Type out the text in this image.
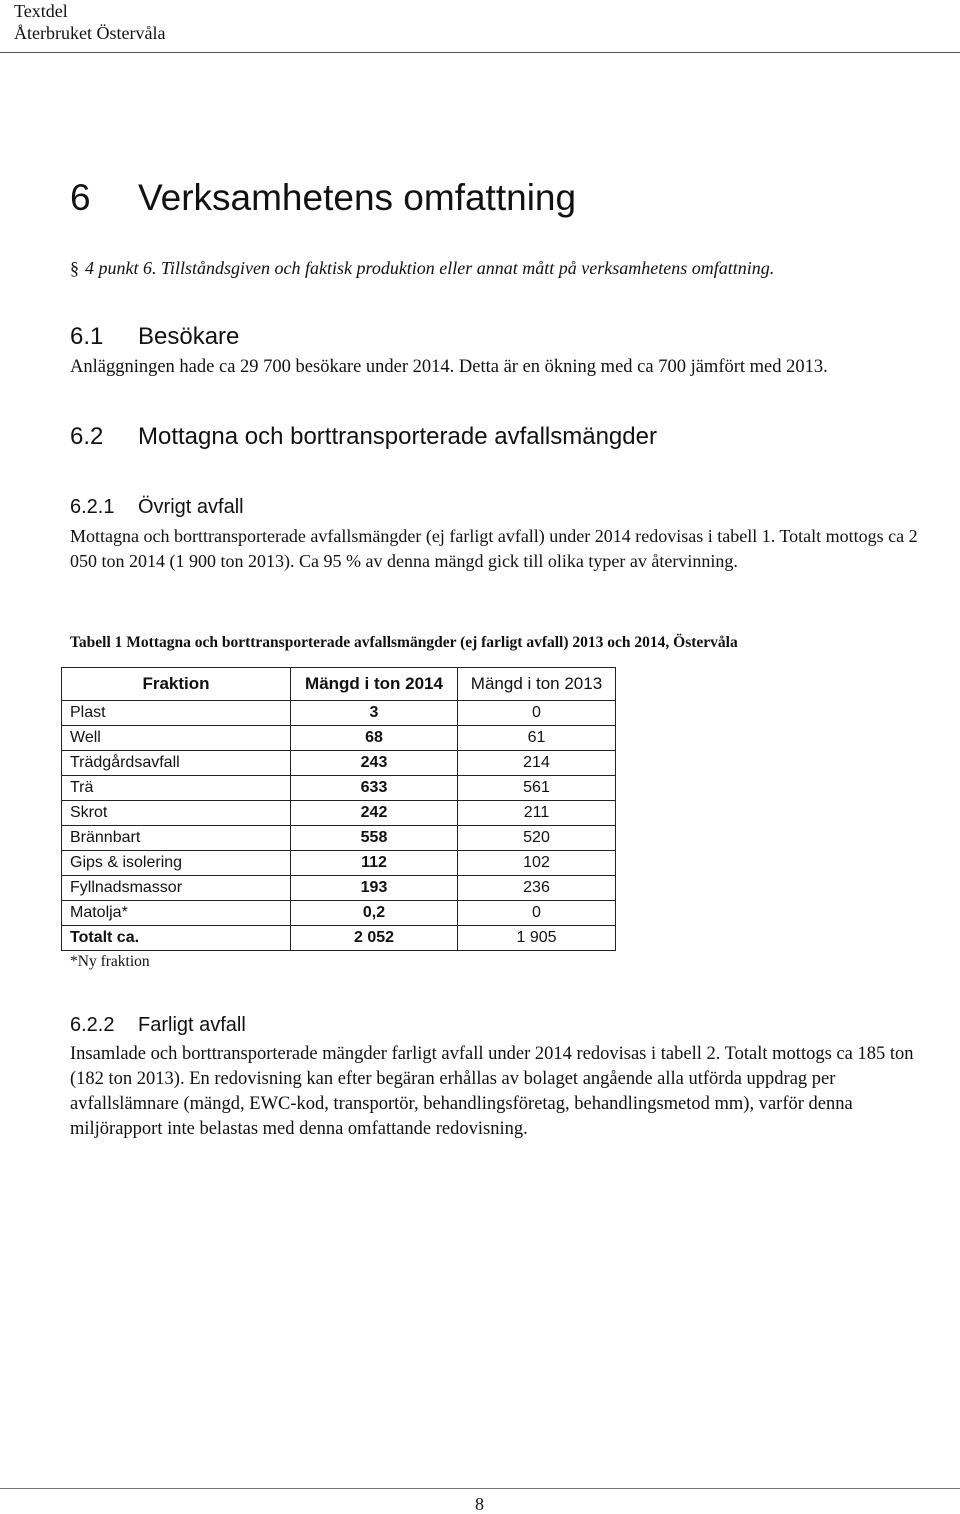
Textdel
Återbruket Östervåla
6 Verksamhetens omfattning
§ 4 punkt 6. Tillståndsgiven och faktisk produktion eller annat mått på verksamhetens omfattning.
6.1 Besökare
Anläggningen hade ca 29 700 besökare under 2014. Detta är en ökning med ca 700 jämfört med 2013.
6.2 Mottagna och borttransporterade avfallsmängder
6.2.1 Övrigt avfall
Mottagna och borttransporterade avfallsmängder (ej farligt avfall) under 2014 redovisas i tabell 1. Totalt mottogs ca 2 050 ton 2014 (1 900 ton 2013). Ca 95 % av denna mängd gick till olika typer av återvinning.
Tabell 1 Mottagna och borttransporterade avfallsmängder (ej farligt avfall) 2013 och 2014, Östervåla
Fraktion	Mängd i ton 2014	Mängd i ton 2013
Plast	3	0
Well	68	61
Trädgårdsavfall	243	214
Trä	633	561
Skrot	242	211
Brännbart	558	520
Gips & isolering	112	102
Fyllnadsmassor	193	236
Matolja*	0,2	0
Totalt ca.	2 052	1 905
*Ny fraktion
6.2.2 Farligt avfall
Insamlade och borttransporterade mängder farligt avfall under 2014 redovisas i tabell 2. Totalt mottogs ca 185 ton (182 ton 2013). En redovisning kan efter begäran erhållas av bolaget angående alla utförda uppdrag per avfallslämnare (mängd, EWC-kod, transportör, behandlingsföretag, behandlingsmetod mm), varför denna miljörapport inte belastas med denna omfattande redovisning.
8
